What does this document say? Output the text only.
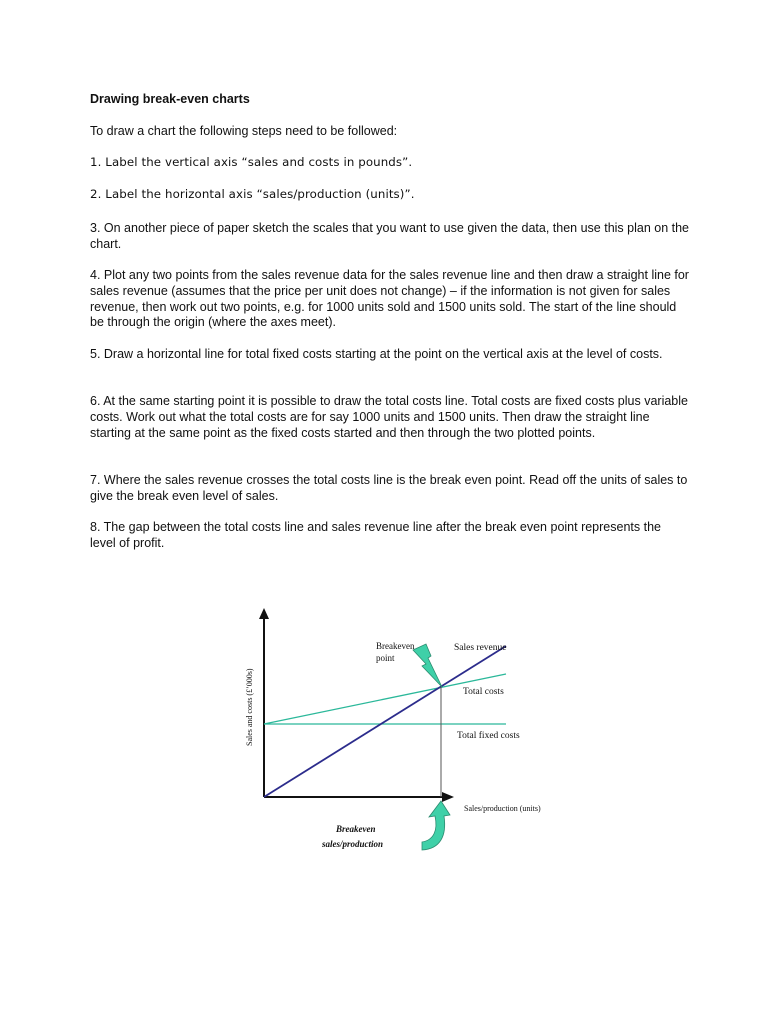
Drawing break-even charts
To draw a chart the following steps need to be followed:
1. Label the vertical axis “sales and costs in pounds”.
2. Label the horizontal axis “sales/production (units)”.
3. On another piece of paper sketch the scales that you want to use given the data, then use this plan on the chart.
4. Plot any two points from the sales revenue data for the sales revenue line and then draw a straight line for sales revenue (assumes that the price per unit does not change) – if the information is not given for sales revenue, then work out two points, e.g. for 1000 units sold and 1500 units sold. The start of the line should be through the origin (where the axes meet).
5. Draw a horizontal line for total fixed costs starting at the point on the vertical axis at the level of costs.
6. At the same starting point it is possible to draw the total costs line. Total costs are fixed costs plus variable costs. Work out what the total costs are for say 1000 units and 1500 units. Then draw the straight line starting at the same point as the fixed costs started and then through the two plotted points.
7. Where the sales revenue crosses the total costs line is the break even point. Read off the units of sales to give the break even level of sales.
8. The gap between the total costs line and sales revenue line after the break even point represents the level of profit.
Breakeven
point
Sales revenue
Total costs
Total fixed costs
Sales/production (units)
Sales and costs (£’000s)
Breakeven
sales/production
